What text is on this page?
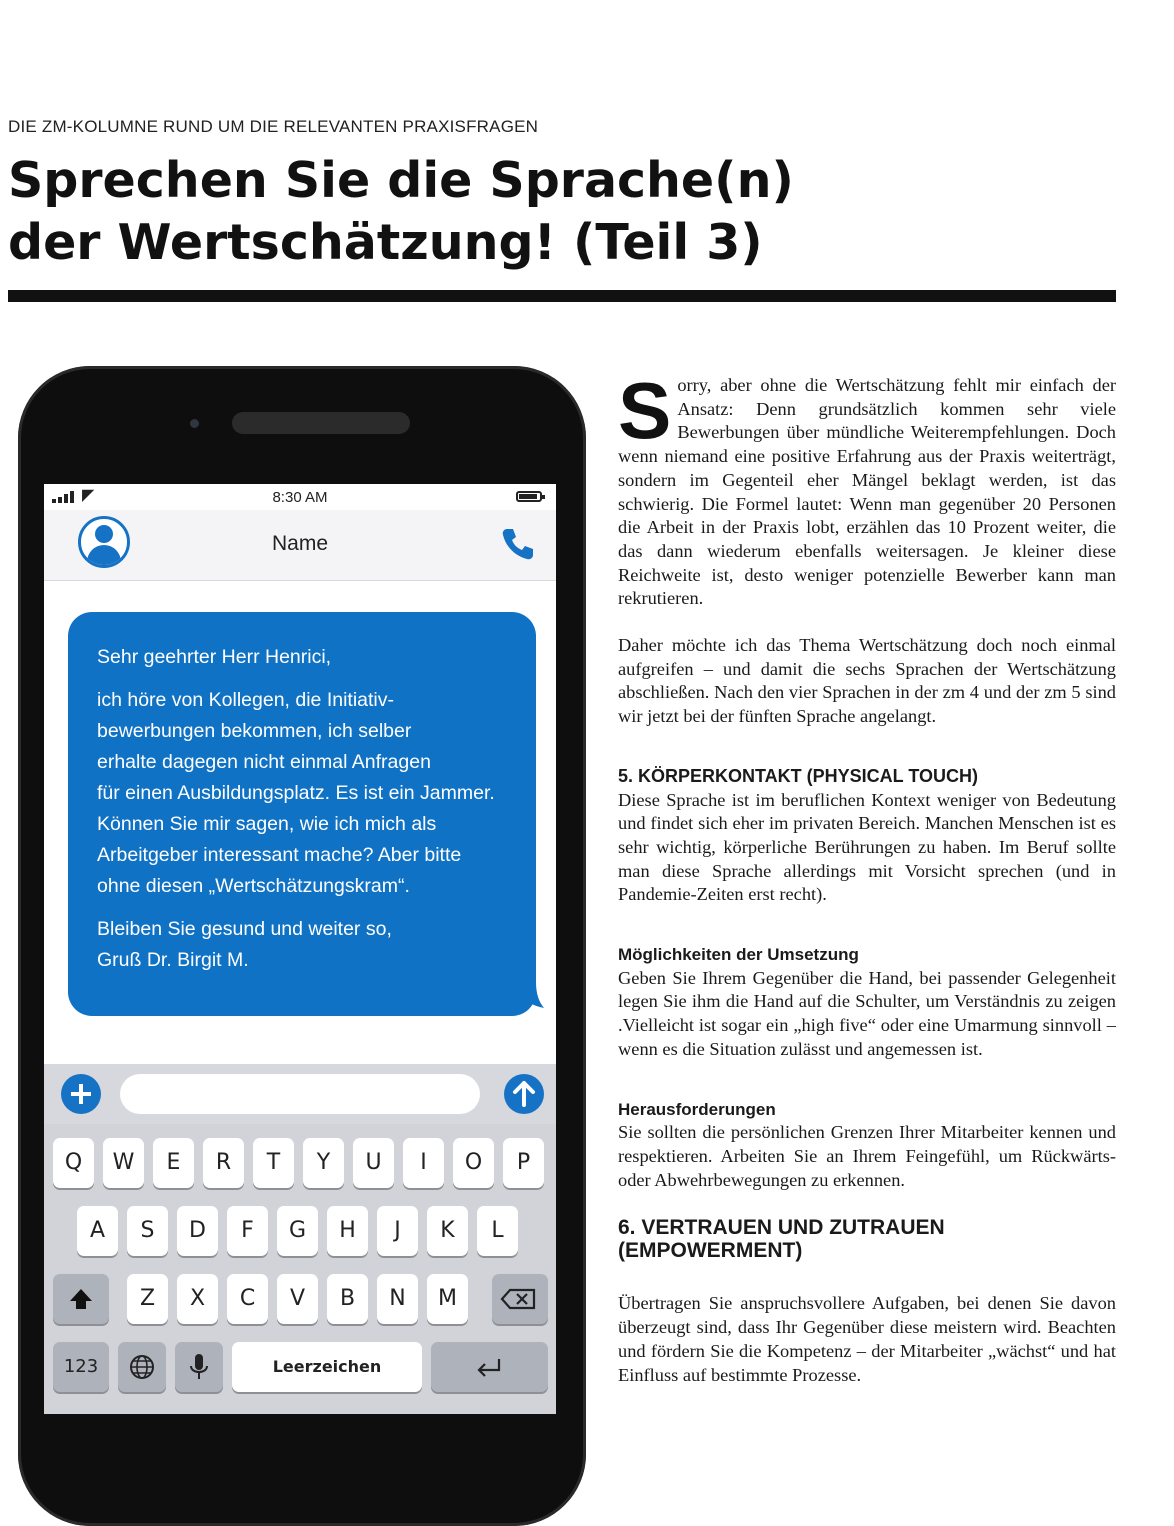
DIE ZM-KOLUMNE RUND UM DIE RELEVANTEN PRAXISFRAGEN
Sprechen Sie die Sprache(n)
der Wertschätzung! (Teil 3)
◤	8:30 AM
Name

Sehr geehrter Herr Henrici,

ich höre von Kollegen, die Initiativ-
bewerbungen bekommen, ich selber
erhalte dagegen nicht einmal Anfragen
für einen Ausbildungsplatz. Es ist ein Jammer.
Können Sie mir sagen, wie ich mich als
Arbeitgeber interessant mache? Aber bitte
ohne diesen „Wertschätzungskram“.

Bleiben Sie gesund und weiter so,
Gruß Dr. Birgit M.

Q	W	E	R	T	Y	U	I	O	P
A	S	D	F	G	H	J	K	L
Z	X	C	V	B	N	M
123	Leerzeichen

Sorry, aber ohne die Wertschätzung fehlt mir einfach der Ansatz: Denn grundsätzlich kommen sehr viele Bewerbungen über mündliche Weiterempfehlungen. Doch wenn niemand eine positive Erfahrung aus der Praxis weiterträgt, sondern im Gegenteil eher Mängel beklagt werden, ist das schwierig. Die Formel lautet: Wenn man gegenüber 20 Personen die Arbeit in der Praxis lobt, erzählen das 10 Prozent weiter, die das dann wiederum ebenfalls weitersagen. Je kleiner diese Reichweite ist, desto weniger potenzielle Bewerber kann man rekrutieren.

Daher möchte ich das Thema Wertschätzung doch noch einmal aufgreifen – und damit die sechs Sprachen der Wertschätzung abschließen. Nach den vier Sprachen in der zm 4 und der zm 5 sind wir jetzt bei der fünften Sprache angelangt.

5. KÖRPERKONTAKT (PHYSICAL TOUCH)

Diese Sprache ist im beruflichen Kontext weniger von Bedeutung und findet sich eher im privaten Bereich. Manchen Menschen ist es sehr wichtig, körperliche Berührungen zu haben. Im Beruf sollte man diese Sprache allerdings mit Vorsicht sprechen (und in Pandemie-Zeiten erst recht).

Möglichkeiten der Umsetzung

Geben Sie Ihrem Gegenüber die Hand, bei passender Gelegenheit legen Sie ihm die Hand auf die Schulter, um Verständnis zu zeigen .Vielleicht ist sogar ein „high five“ oder eine Umarmung sinnvoll – wenn es die Situation zulässt und angemessen ist.

Herausforderungen

Sie sollten die persönlichen Grenzen Ihrer Mitarbeiter kennen und respektieren. Arbeiten Sie an Ihrem Feingefühl, um Rückwärts- oder Abwehrbewegungen zu erkennen.

6. VERTRAUEN UND ZUTRAUEN
(EMPOWERMENT)

Übertragen Sie anspruchsvollere Aufgaben, bei denen Sie davon überzeugt sind, dass Ihr Gegenüber diese meistern wird. Beachten und fördern Sie die Kompetenz – der Mitarbeiter „wächst“ und hat Einfluss auf bestimmte Prozesse.
